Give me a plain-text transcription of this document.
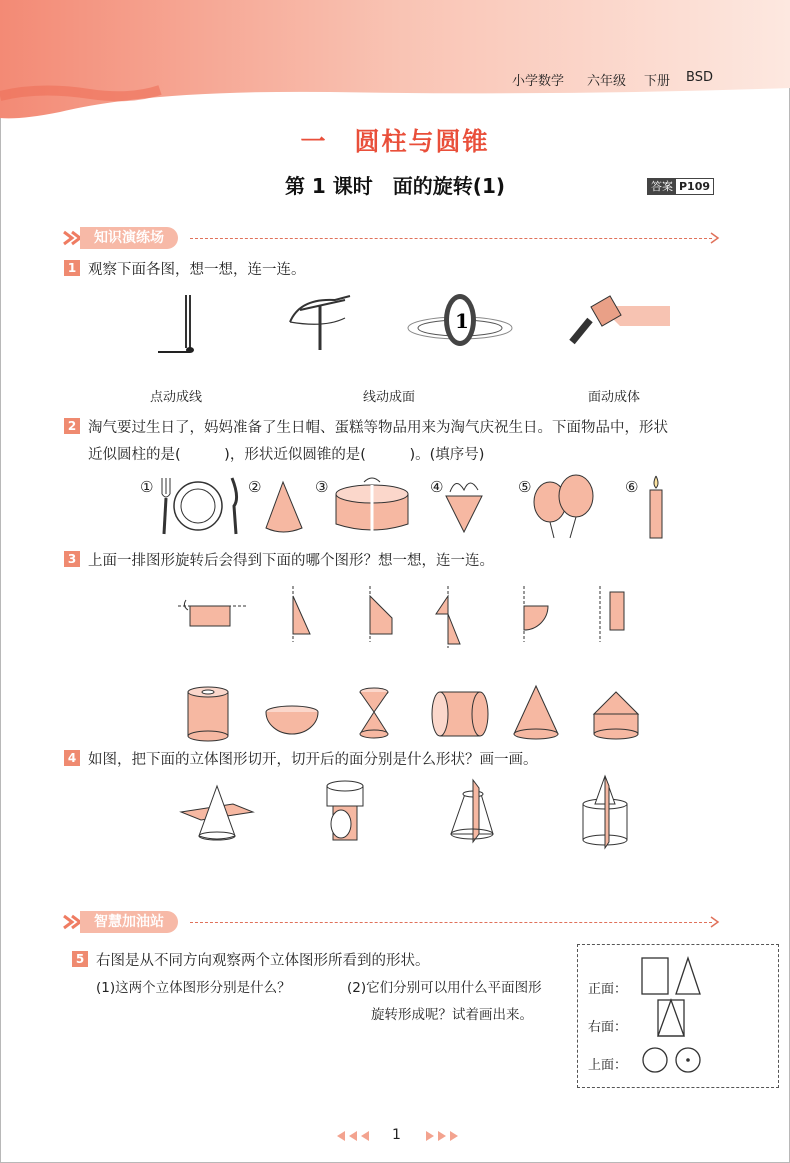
小学数学 六年级 下册 BSD
一　圆柱与圆锥
第 1 课时　面的旋转(1)	答案 P109
知识演练场
1 观察下面各图，想一想，连一连。
1
点动成线	线动成面	面动成体
2 淘气要过生日了，妈妈准备了生日帽、蛋糕等物品用来为淘气庆祝生日。下面物品中，形状
近似圆柱的是(　　　)，形状近似圆锥的是(　　　)。(填序号)
①	②	③	④	⑤	⑥
3 上面一排图形旋转后会得到下面的哪个图形？想一想，连一连。
4 如图，把下面的立体图形切开，切开后的面分别是什么形状？画一画。
智慧加油站
5 右图是从不同方向观察两个立体图形所看到的形状。
(1)这两个立体图形分别是什么？	(2)它们分别可以用什么平面图形
旋转形成呢？试着画出来。
正面：
右面：
上面：
1
